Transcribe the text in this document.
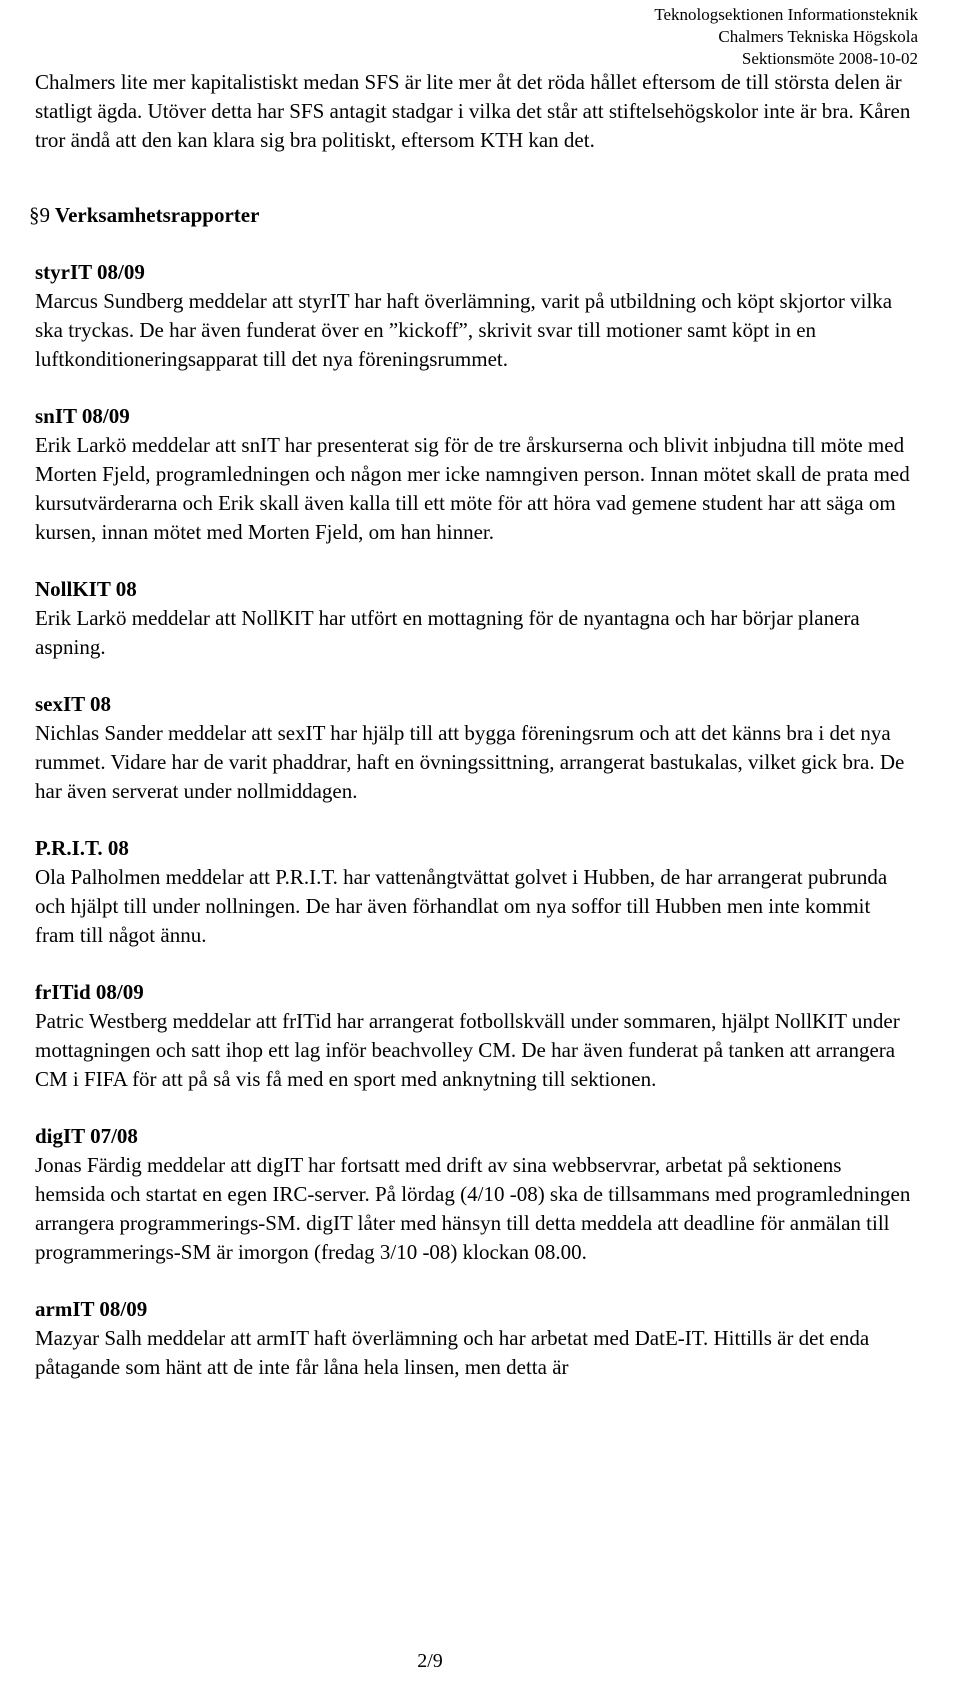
Teknologsektionen Informationsteknik
Chalmers Tekniska Högskola
Sektionsmöte 2008-10-02

Chalmers lite mer kapitalistiskt medan SFS är lite mer åt det röda hållet eftersom de till största delen är statligt ägda. Utöver detta har SFS antagit stadgar i vilka det står att stiftelsehögskolor inte är bra. Kåren tror ändå att den kan klara sig bra politiskt, eftersom KTH kan det.

§9 Verksamhetsrapporter
styrIT 08/09
Marcus Sundberg meddelar att styrIT har haft överlämning, varit på utbildning och köpt skjortor vilka ska tryckas. De har även funderat över en ”kickoff”, skrivit svar till motioner samt köpt in en luftkonditioneringsapparat till det nya föreningsrummet.
snIT 08/09
Erik Larkö meddelar att snIT har presenterat sig för de tre årskurserna och blivit inbjudna till möte med Morten Fjeld, programledningen och någon mer icke namngiven person. Innan mötet skall de prata med kursutvärderarna och Erik skall även kalla till ett möte för att höra vad gemene student har att säga om kursen, innan mötet med Morten Fjeld, om han hinner.
NollKIT 08
Erik Larkö meddelar att NollKIT har utfört en mottagning för de nyantagna och har börjar planera aspning.
sexIT 08
Nichlas Sander meddelar att sexIT har hjälp till att bygga föreningsrum och att det känns bra i det nya rummet. Vidare har de varit phaddrar, haft en övningssittning, arrangerat bastukalas, vilket gick bra. De har även serverat under nollmiddagen.
P.R.I.T. 08
Ola Palholmen meddelar att P.R.I.T. har vattenångtvättat golvet i Hubben, de har arrangerat pubrunda och hjälpt till under nollningen. De har även förhandlat om nya soffor till Hubben men inte kommit fram till något ännu.
frITid 08/09
Patric Westberg meddelar att frITid har arrangerat fotbollskväll under sommaren, hjälpt NollKIT under mottagningen och satt ihop ett lag inför beachvolley CM. De har även funderat på tanken att arrangera CM i FIFA för att på så vis få med en sport med anknytning till sektionen.
digIT 07/08
Jonas Färdig meddelar att digIT har fortsatt med drift av sina webbservrar, arbetat på sektionens hemsida och startat en egen IRC-server. På lördag (4/10 -08) ska de tillsammans med programledningen arrangera programmerings-SM. digIT låter med hänsyn till detta meddela att deadline för anmälan till programmerings-SM är imorgon (fredag 3/10 -08) klockan 08.00.
armIT 08/09
Mazyar Salh meddelar att armIT haft överlämning och har arbetat med DatE-IT. Hittills är det enda påtagande som hänt att de inte får låna hela linsen, men detta är
2/9
